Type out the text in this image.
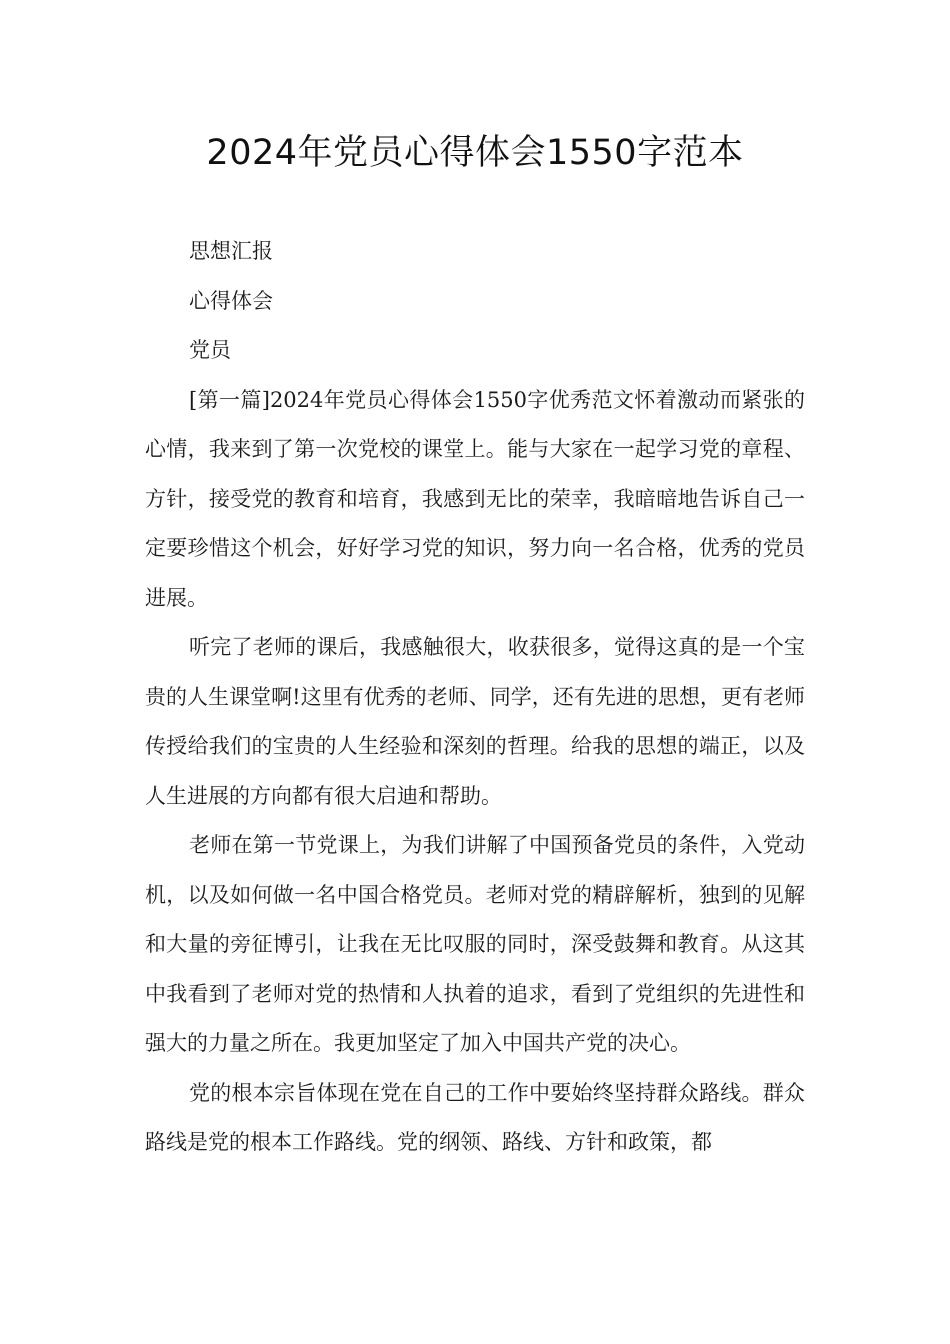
2024年党员心得体会1550字范本

思想汇报

心得体会

党员

[第一篇]2024年党员心得体会1550字优秀范文怀着激动而紧张的心情，我来到了第一次党校的课堂上。能与大家在一起学习党的章程、方针，接受党的教育和培育，我感到无比的荣幸，我暗暗地告诉自己一定要珍惜这个机会，好好学习党的知识，努力向一名合格，优秀的党员进展。

听完了老师的课后，我感触很大，收获很多，觉得这真的是一个宝贵的人生课堂啊!这里有优秀的老师、同学，还有先进的思想，更有老师传授给我们的宝贵的人生经验和深刻的哲理。给我的思想的端正，以及人生进展的方向都有很大启迪和帮助。

老师在第一节党课上，为我们讲解了中国预备党员的条件，入党动机，以及如何做一名中国合格党员。老师对党的精辟解析，独到的见解和大量的旁征博引，让我在无比叹服的同时，深受鼓舞和教育。从这其中我看到了老师对党的热情和人执着的追求，看到了党组织的先进性和强大的力量之所在。我更加坚定了加入中国共产党的决心。

党的根本宗旨体现在党在自己的工作中要始终坚持群众路线。群众路线是党的根本工作路线。党的纲领、路线、方针和政策，都
